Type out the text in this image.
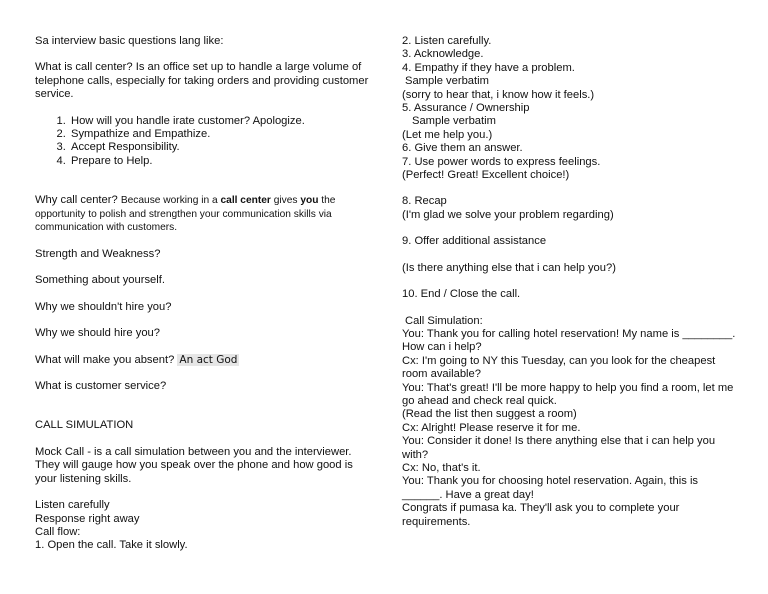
Sa interview basic questions lang like:

What is call center? Is an office set up to handle a large volume of telephone calls, especially for taking orders and providing customer service.

1. How will you handle irate customer? Apologize.
2. Sympathize and Empathize.
3. Accept Responsibility.
4. Prepare to Help.

Why call center? Because working in a call center gives you the opportunity to polish and strengthen your communication skills via communication with customers.

Strength and Weakness?

Something about yourself.

Why we shouldn't hire you?

Why we should hire you?

What will make you absent? An act God

What is customer service?

CALL SIMULATION

Mock Call - is a call simulation between you and the interviewer. They will gauge how you speak over the phone and how good is your listening skills.

Listen carefully

Response right away

Call flow:

1. Open the call. Take it slowly.

2. Listen carefully.

3. Acknowledge.

4. Empathy if they have a problem.

Sample verbatim

(sorry to hear that, i know how it feels.)

5. Assurance / Ownership

Sample verbatim

(Let me help you.)

6. Give them an answer.

7. Use power words to express feelings.

(Perfect! Great! Excellent choice!)

8. Recap

(I'm glad we solve your problem regarding)

9. Offer additional assistance

(Is there anything else that i can help you?)

10. End / Close the call.

Call Simulation:

You: Thank you for calling hotel reservation! My name is ________. How can i help?

Cx: I'm going to NY this Tuesday, can you look for the cheapest room available?

You: That's great! I'll be more happy to help you find a room, let me go ahead and check real quick.

(Read the list then suggest a room)

Cx: Alright! Please reserve it for me.

You: Consider it done! Is there anything else that i can help you with?

Cx: No, that's it.

You: Thank you for choosing hotel reservation. Again, this is ______. Have a great day!

Congrats if pumasa ka. They'll ask you to complete your requirements.
